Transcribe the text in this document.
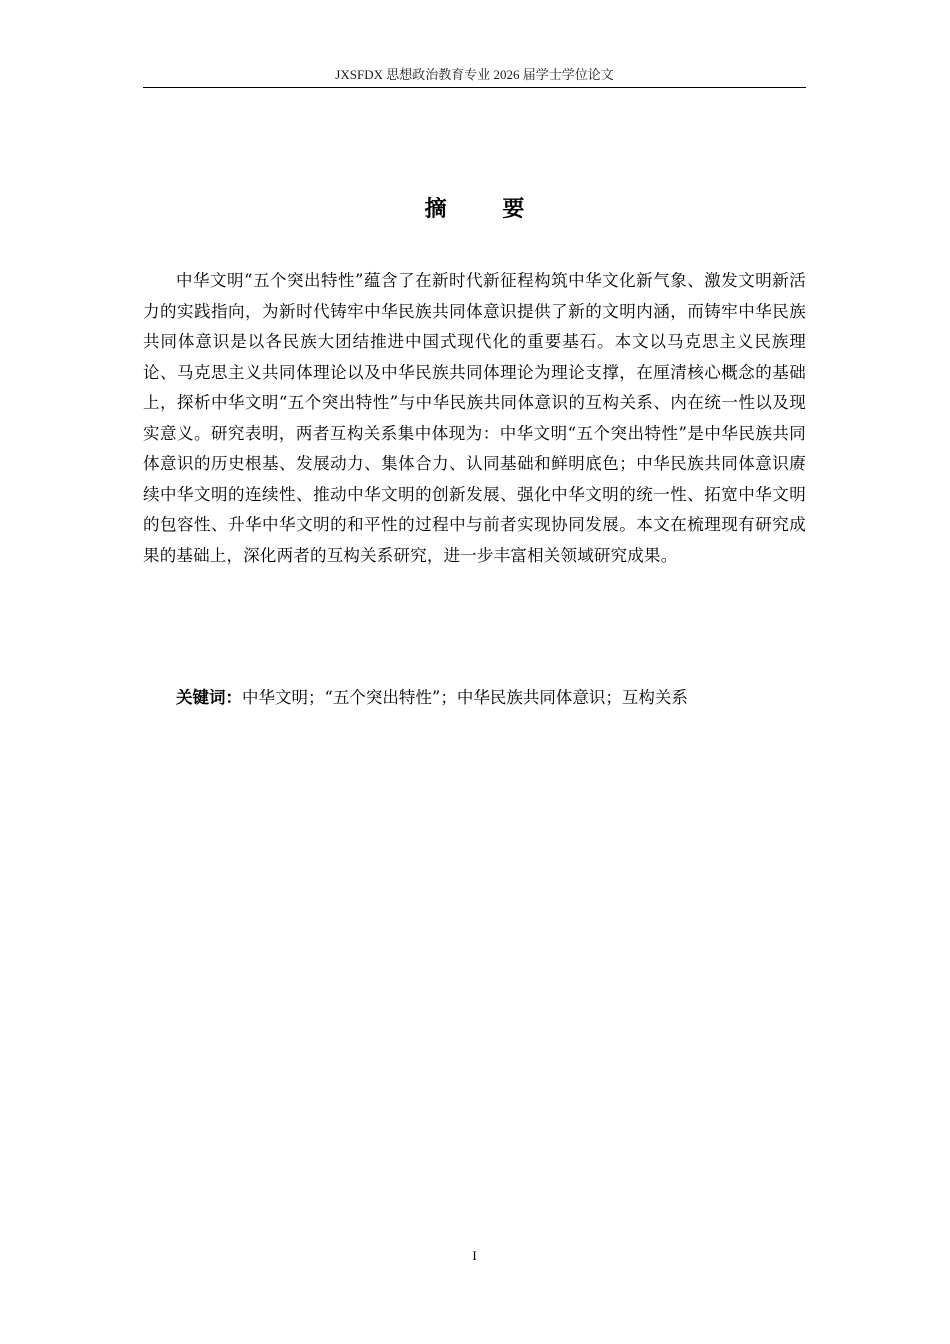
JXSFDX 思想政治教育专业 2026 届学士学位论文
摘 要

中华文明“五个突出特性”蕴含了在新时代新征程构筑中华文化新气象、激发文明新活力的实践指向，为新时代铸牢中华民族共同体意识提供了新的文明内涵，而铸牢中华民族共同体意识是以各民族大团结推进中国式现代化的重要基石。本文以马克思主义民族理论、马克思主义共同体理论以及中华民族共同体理论为理论支撑，在厘清核心概念的基础上，探析中华文明“五个突出特性”与中华民族共同体意识的互构关系、内在统一性以及现实意义。研究表明，两者互构关系集中体现为：中华文明“五个突出特性”是中华民族共同体意识的历史根基、发展动力、集体合力、认同基础和鲜明底色；中华民族共同体意识赓续中华文明的连续性、推动中华文明的创新发展、强化中华文明的统一性、拓宽中华文明的包容性、升华中华文明的和平性的过程中与前者实现协同发展。本文在梳理现有研究成果的基础上，深化两者的互构关系研究，进一步丰富相关领域研究成果。

关键词：中华文明；“五个突出特性”；中华民族共同体意识；互构关系
I
